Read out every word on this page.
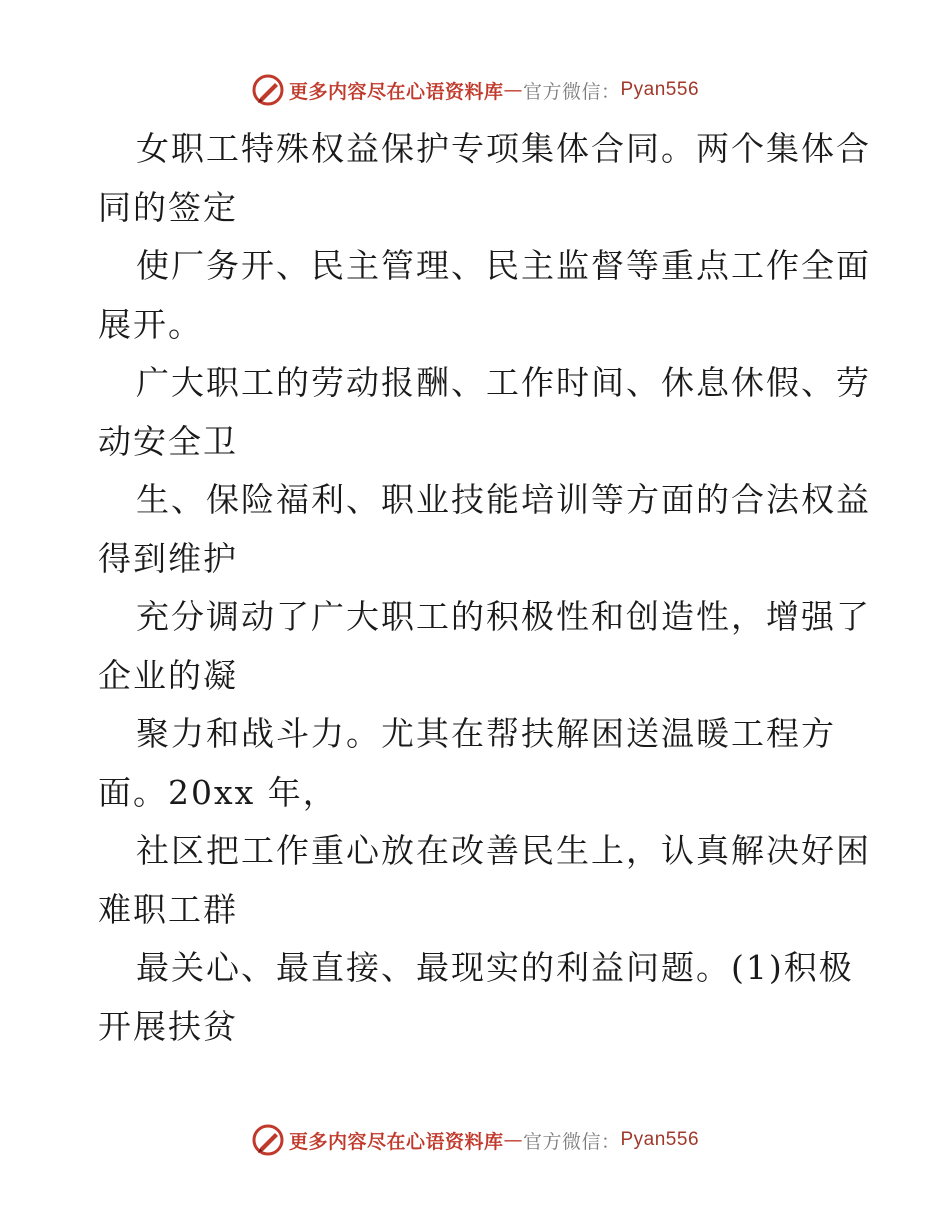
更多内容尽在心语资料库 — 官方微信： Pyan556
女职工特殊权益保护专项集体合同。两个集体合
同的签定
使厂务开、民主管理、民主监督等重点工作全面
展开。
广大职工的劳动报酬、工作时间、休息休假、劳
动安全卫
生、保险福利、职业技能培训等方面的合法权益
得到维护
充分调动了广大职工的积极性和创造性，增强了
企业的凝
聚力和战斗力。尤其在帮扶解困送温暖工程方
面。20xx 年，
社区把工作重心放在改善民生上，认真解决好困
难职工群
最关心、最直接、最现实的利益问题。(1)积极
开展扶贫
更多内容尽在心语资料库 — 官方微信： Pyan556
